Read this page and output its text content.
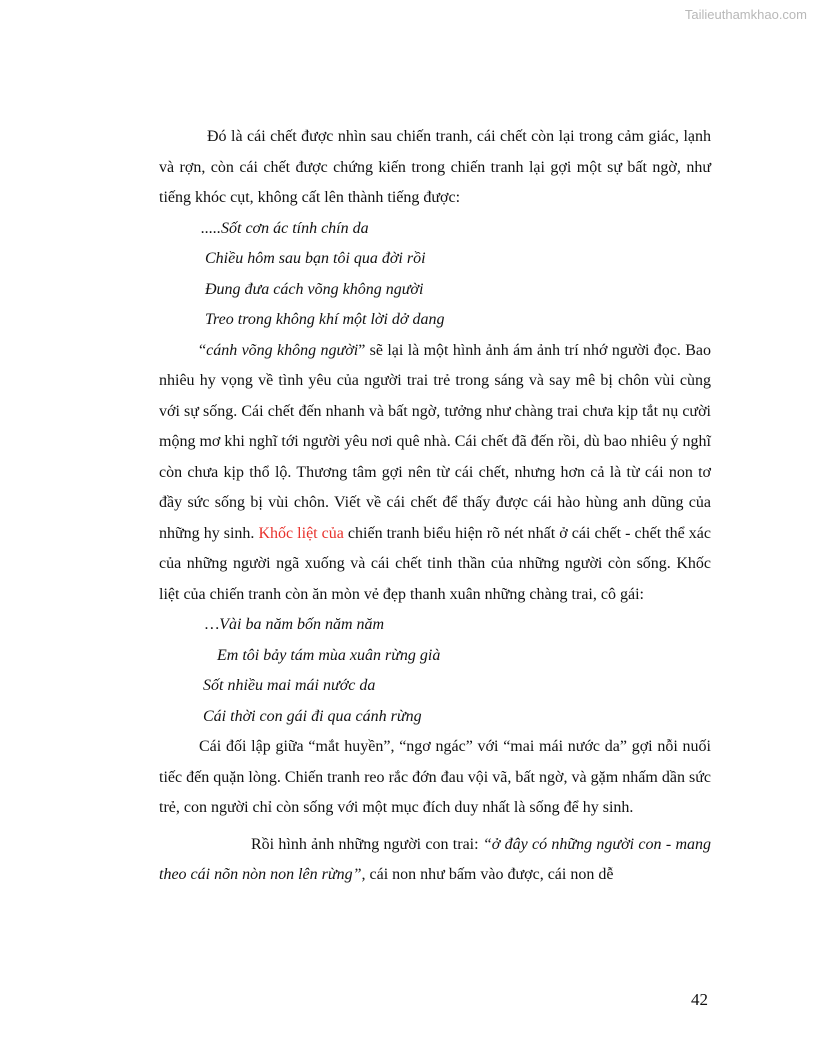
Tailieuthamkhao.com

Đó là cái chết được nhìn sau chiến tranh, cái chết còn lại trong cảm giác, lạnh và rợn, còn cái chết được chứng kiến trong chiến tranh lại gợi một sự bất ngờ, như tiếng khóc cụt, không cất lên thành tiếng được:

.....Sốt cơn ác tính chín da

Chiều hôm sau bạn tôi qua đời rồi

Đung đưa cách võng không người

Treo trong không khí một lời dở dang

“cánh võng không người” sẽ lại là một hình ảnh ám ảnh trí nhớ người đọc. Bao nhiêu hy vọng về tình yêu của người trai trẻ trong sáng và say mê bị chôn vùi cùng với sự sống. Cái chết đến nhanh và bất ngờ, tưởng như chàng trai chưa kịp tắt nụ cười mộng mơ khi nghĩ tới người yêu nơi quê nhà. Cái chết đã đến rồi, dù bao nhiêu ý nghĩ còn chưa kịp thổ lộ. Thương tâm gợi nên từ cái chết, nhưng hơn cả là từ cái non tơ đầy sức sống bị vùi chôn. Viết về cái chết để thấy được cái hào hùng anh dũng của những hy sinh. Khốc liệt của chiến tranh biểu hiện rõ nét nhất ở cái chết - chết thể xác của những người ngã xuống và cái chết tinh thần của những người còn sống. Khốc liệt của chiến tranh còn ăn mòn vẻ đẹp thanh xuân những chàng trai, cô gái:

…Vài ba năm bốn năm năm

Em tôi bảy tám mùa xuân rừng già

Sốt nhiều mai mái nước da

Cái thời con gái đi qua cánh rừng

Cái đối lập giữa “mắt huyền”, “ngơ ngác” với “mai mái nước da” gợi nỗi nuối tiếc đến quặn lòng. Chiến tranh reo rắc đớn đau vội vã, bất ngờ, và gặm nhấm dần sức trẻ, con người chỉ còn sống với một mục đích duy nhất là sống để hy sinh.

Rồi hình ảnh những người con trai: “ở đây có những người con - mang theo cái nõn nòn non lên rừng”, cái non như bấm vào được, cái non dễ

42
